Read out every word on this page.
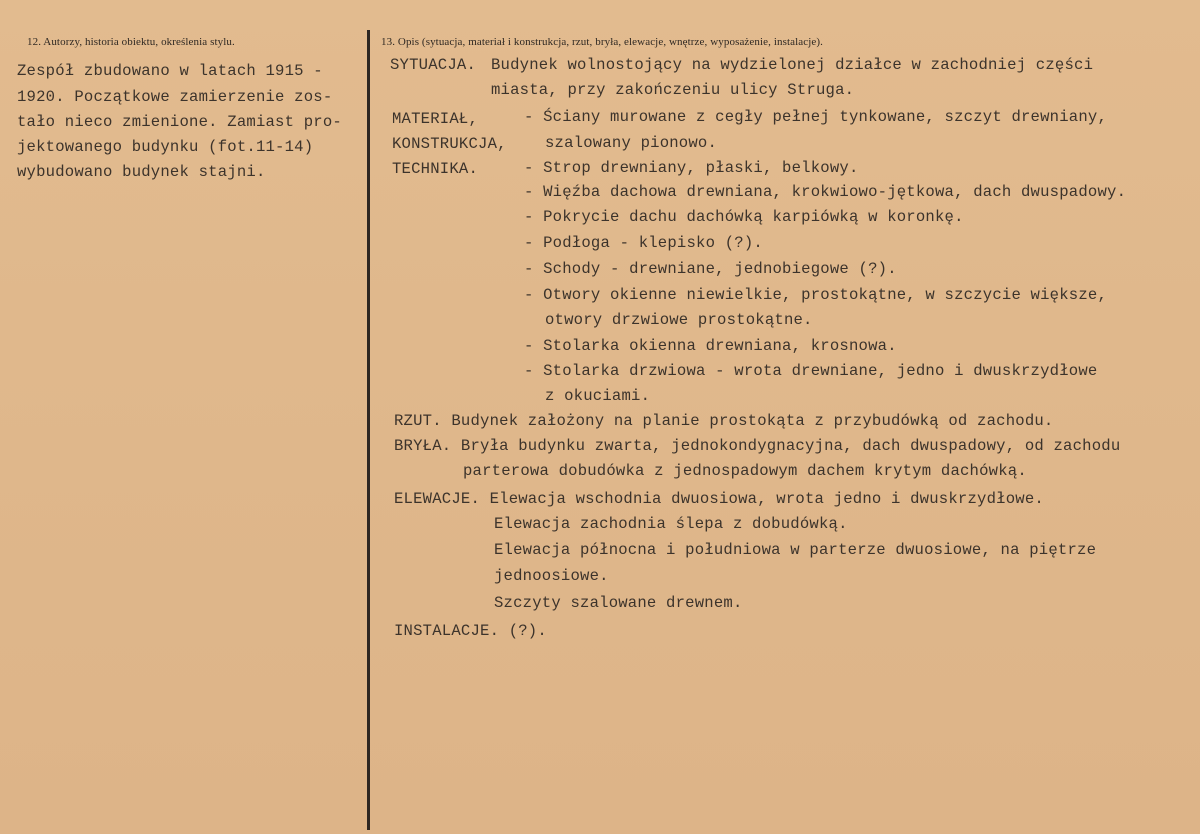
12. Autorzy, historia obiektu, określenia stylu.
Zespół zbudowano w latach 1915 -
1920. Początkowe zamierzenie zos-
tało nieco zmienione. Zamiast pro-
jektowanego budynku (fot.11-14)
wybudowano budynek stajni.
13. Opis (sytuacja, materiał i konstrukcja, rzut, bryła, elewacje, wnętrze, wyposażenie, instalacje).
SYTUACJA. Budynek wolnostojący na wydzielonej działce w zachodniej części
miasta, przy zakończeniu ulicy Struga.
MATERIAŁ,
KONSTRUKCJA,
TECHNIKA.
- Ściany murowane z cegły pełnej tynkowane, szczyt drewniany,
szalowany pionowo.
- Strop drewniany, płaski, belkowy.
- Więźba dachowa drewniana, krokwiowo-jętkowa, dach dwuspadowy.
- Pokrycie dachu dachówką karpiówką w koronkę.
- Podłoga - klepisko (?).
- Schody - drewniane, jednobiegowe (?).
- Otwory okienne niewielkie, prostokątne, w szczycie większe,
otwory drzwiowe prostokątne.
- Stolarka okienna drewniana, krosnowa.
- Stolarka drzwiowa - wrota drewniane, jedno i dwuskrzydłowe
z okuciami.
RZUT. Budynek założony na planie prostokąta z przybudówką od zachodu.
BRYŁA. Bryła budynku zwarta, jednokondygnacyjna, dach dwuspadowy, od zachodu
parterowa dobudówka z jednospadowym dachem krytym dachówką.
ELEWACJE. Elewacja wschodnia dwuosiowa, wrota jedno i dwuskrzydłowe.
Elewacja zachodnia ślepa z dobudówką.
Elewacja północna i południowa w parterze dwuosiowe, na piętrze
jednoosiowe.
Szczyty szalowane drewnem.
INSTALACJE. (?).
